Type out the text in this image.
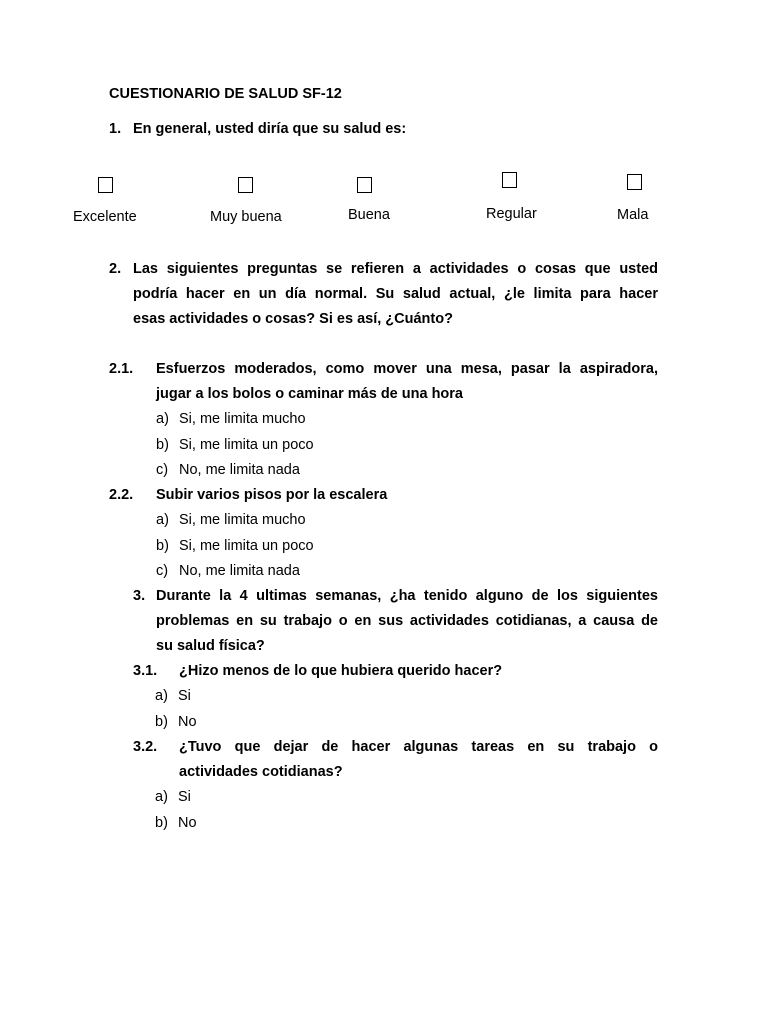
CUESTIONARIO DE SALUD SF-12
1. En general, usted diría que su salud es:
Excelente	Muy buena	Buena	Regular	Mala
2. Las siguientes preguntas se refieren a actividades o cosas que usted
podría hacer en un día normal. Su salud actual, ¿le limita para hacer
esas actividades o cosas? Si es así, ¿Cuánto?
2.1. Esfuerzos moderados, como mover una mesa, pasar la aspiradora,
jugar a los bolos o caminar más de una hora
a) Si, me limita mucho
b) Si, me limita un poco
c) No, me limita nada
2.2. Subir varios pisos por la escalera
a) Si, me limita mucho
b) Si, me limita un poco
c) No, me limita nada
3. Durante la 4 ultimas semanas, ¿ha tenido alguno de los siguientes
problemas en su trabajo o en sus actividades cotidianas, a causa de
su salud física?
3.1. ¿Hizo menos de lo que hubiera querido hacer?
a) Si
b) No
3.2. ¿Tuvo que dejar de hacer algunas tareas en su trabajo o
actividades cotidianas?
a) Si
b) No
